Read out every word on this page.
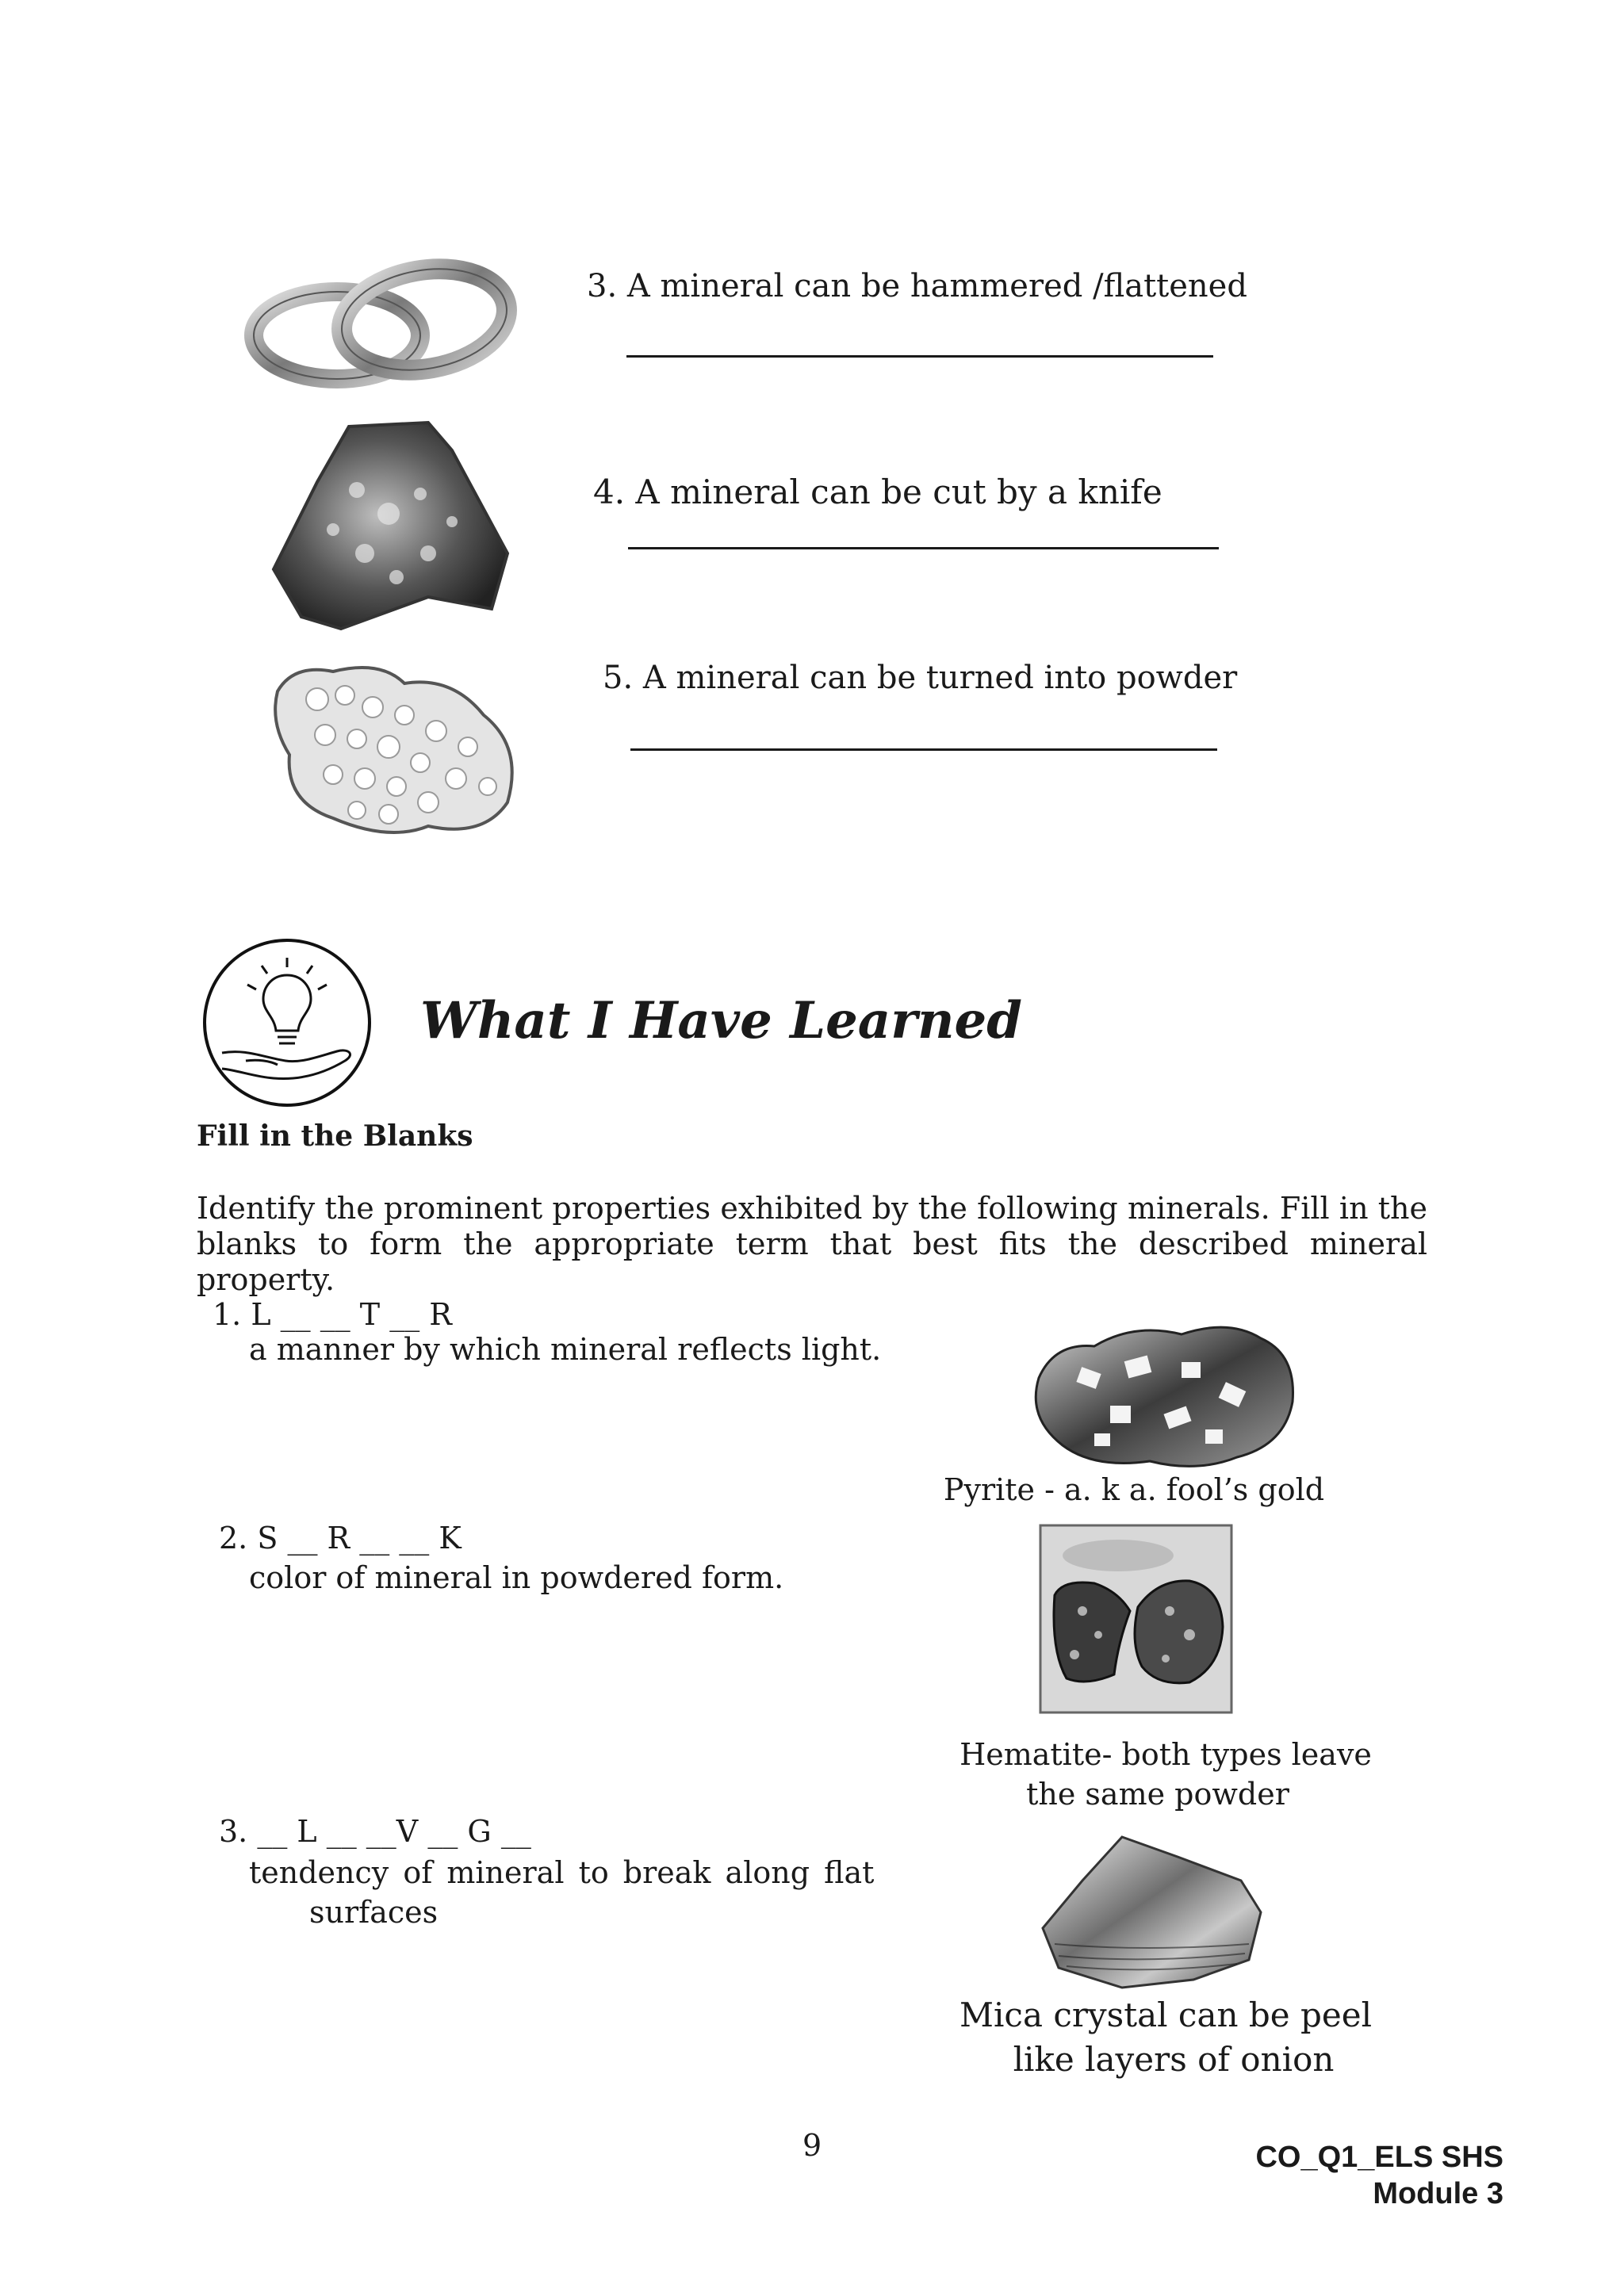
3. A mineral can be hammered /flattened
4. A mineral can be cut by a knife
5. A mineral can be turned into powder
What I Have Learned
Fill in the Blanks
Identify the prominent properties exhibited by the following minerals. Fill in the blanks to form the appropriate term that best fits the described mineral property.
1. L __ __ T __ R
a manner by which mineral reflects light.
2. S __ R __ __ K
color of mineral in powdered form.
3. __ L __ __V __ G __
tendency of mineral to break along flat
surfaces
Pyrite - a. k a. fool’s gold
Hematite- both types leave
the same powder
Mica crystal can be peel
like layers of onion
9	CO_Q1_ELS SHS
Module 3
